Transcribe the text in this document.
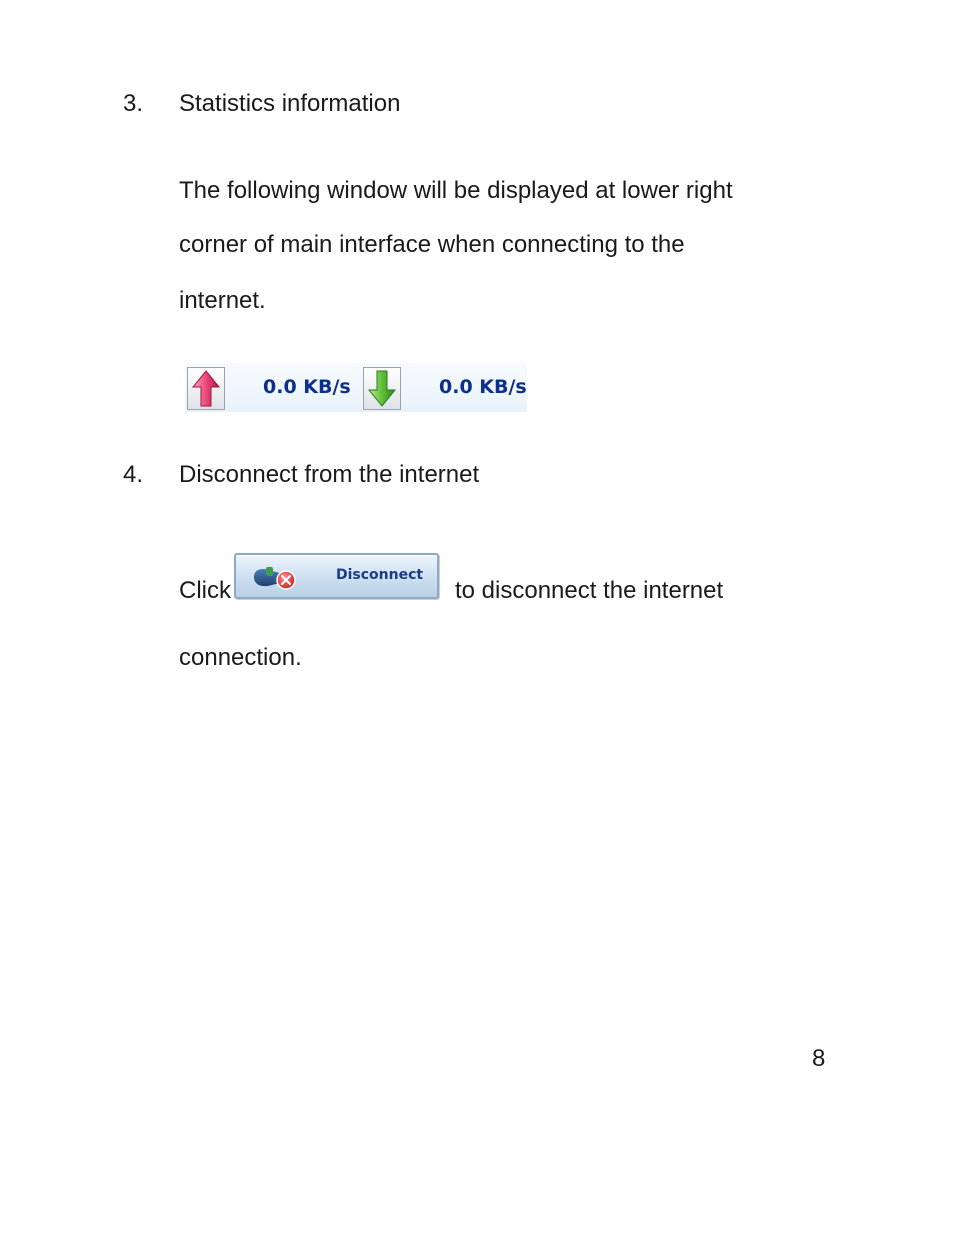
3. Statistics information
The following window will be displayed at lower right
corner of main interface when connecting to the
internet.
0.0 KB/s	0.0 KB/s
4. Disconnect from the internet
Click
Disconnect
to disconnect the internet
connection.
8
